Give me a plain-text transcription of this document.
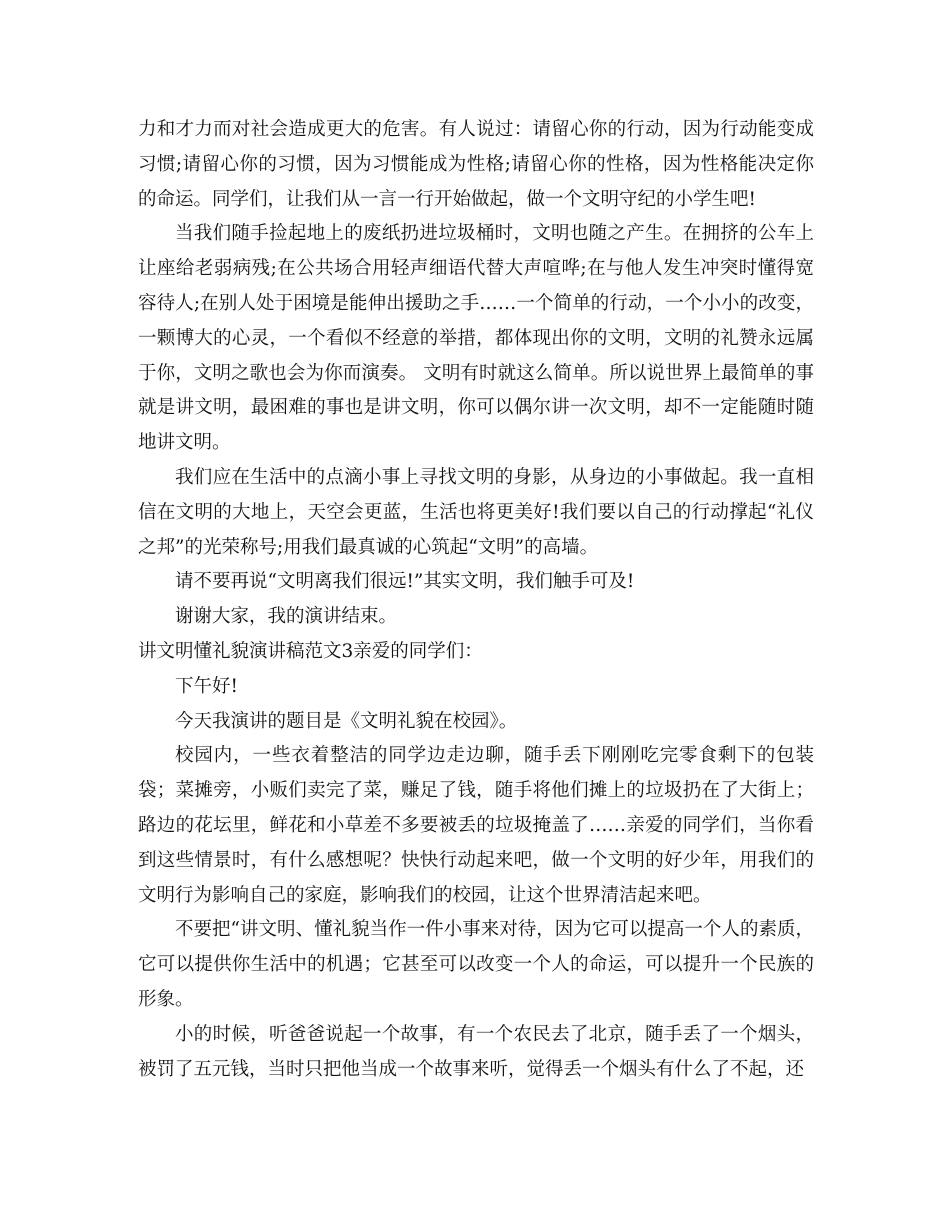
力和才力而对社会造成更大的危害。有人说过：请留心你的行动，因为行动能变成习惯;请留心你的习惯，因为习惯能成为性格;请留心你的性格，因为性格能决定你的命运。同学们，让我们从一言一行开始做起，做一个文明守纪的小学生吧!

当我们随手捡起地上的废纸扔进垃圾桶时，文明也随之产生。在拥挤的公车上让座给老弱病残;在公共场合用轻声细语代替大声喧哗;在与他人发生冲突时懂得宽容待人;在别人处于困境是能伸出援助之手……一个简单的行动，一个小小的改变，一颗博大的心灵，一个看似不经意的举措，都体现出你的文明，文明的礼赞永远属于你，文明之歌也会为你而演奏。 文明有时就这么简单。所以说世界上最简单的事就是讲文明，最困难的事也是讲文明，你可以偶尔讲一次文明，却不一定能随时随地讲文明。

我们应在生活中的点滴小事上寻找文明的身影，从身边的小事做起。我一直相信在文明的大地上，天空会更蓝，生活也将更美好!我们要以自己的行动撑起“礼仪之邦”的光荣称号;用我们最真诚的心筑起“文明”的高墙。

请不要再说“文明离我们很远!”其实文明，我们触手可及!

谢谢大家，我的演讲结束。

讲文明懂礼貌演讲稿范文3亲爱的同学们：

下午好!

今天我演讲的题目是《文明礼貌在校园》。

校园内，一些衣着整洁的同学边走边聊，随手丢下刚刚吃完零食剩下的包装袋；菜摊旁，小贩们卖完了菜，赚足了钱，随手将他们摊上的垃圾扔在了大街上；路边的花坛里，鲜花和小草差不多要被丢的垃圾掩盖了……亲爱的同学们，当你看到这些情景时，有什么感想呢？快快行动起来吧，做一个文明的好少年，用我们的文明行为影响自己的家庭，影响我们的校园，让这个世界清洁起来吧。

不要把“讲文明、懂礼貌当作一件小事来对待，因为它可以提高一个人的素质，它可以提供你生活中的机遇；它甚至可以改变一个人的命运，可以提升一个民族的形象。

小的时候，听爸爸说起一个故事，有一个农民去了北京，随手丢了一个烟头，被罚了五元钱，当时只把他当成一个故事来听，觉得丢一个烟头有什么了不起，还
